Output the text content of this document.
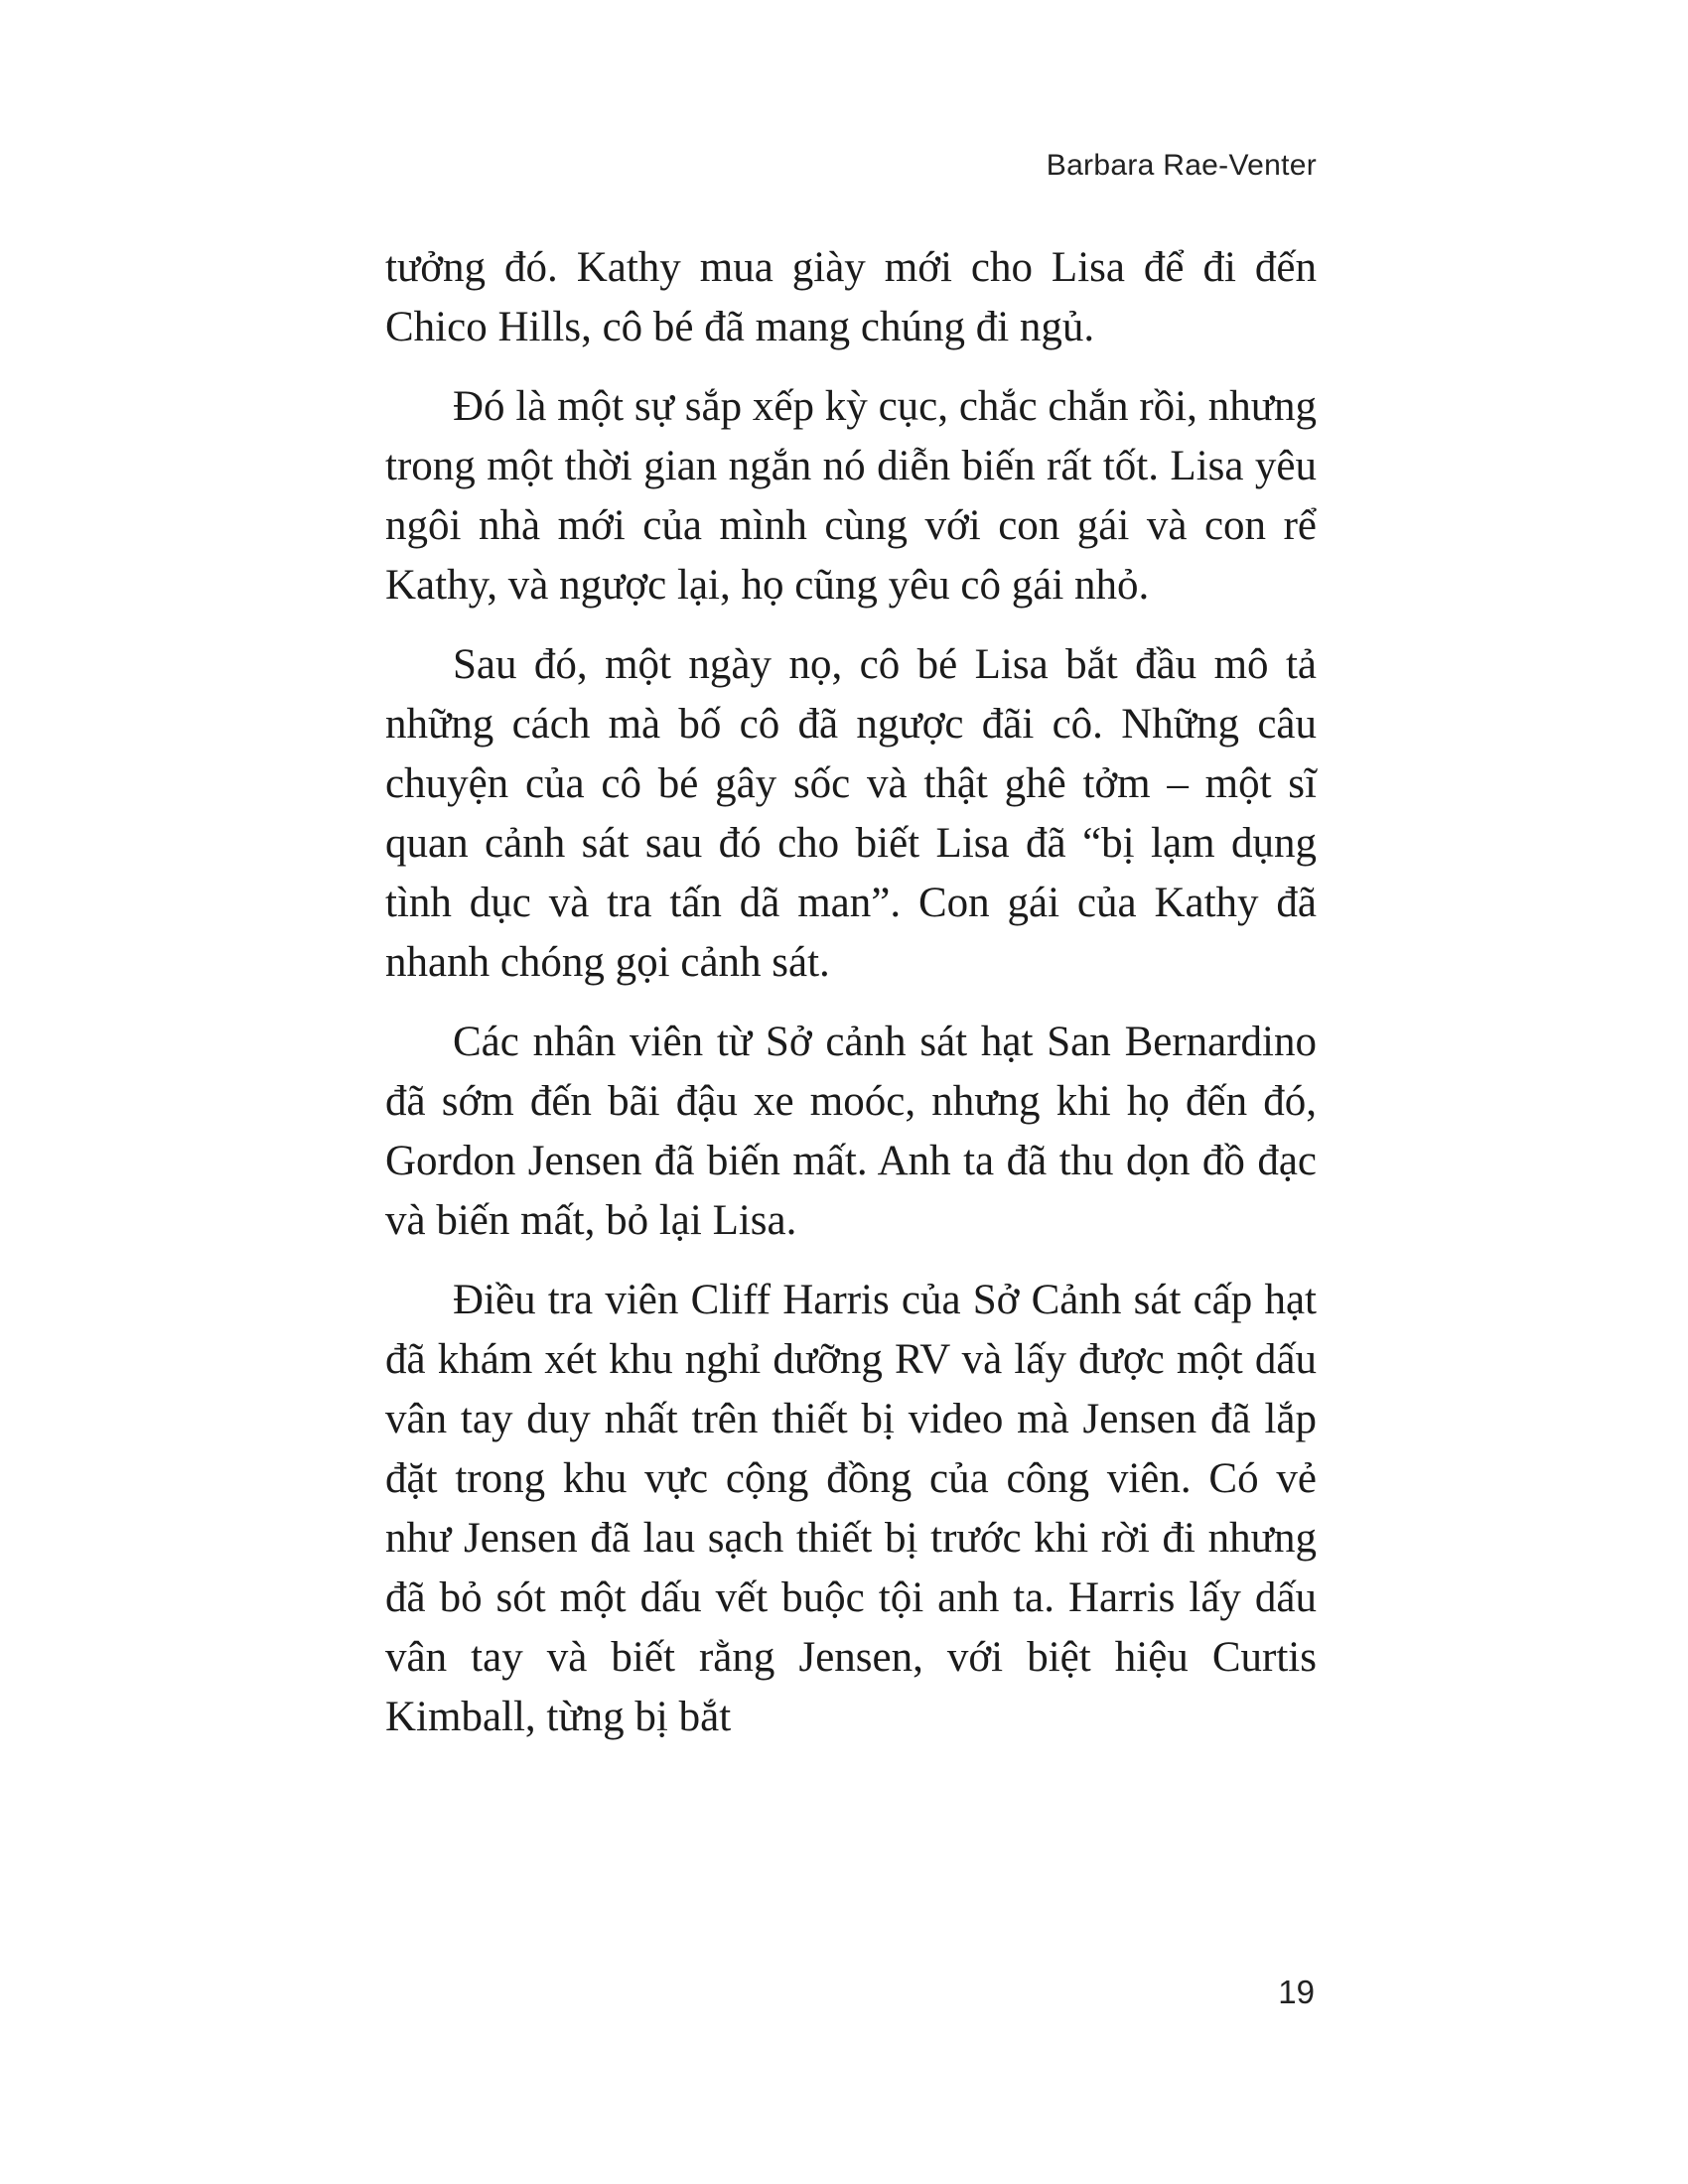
Barbara Rae-Venter

tưởng đó. Kathy mua giày mới cho Lisa để đi đến Chico Hills, cô bé đã mang chúng đi ngủ.

Đó là một sự sắp xếp kỳ cục, chắc chắn rồi, nhưng trong một thời gian ngắn nó diễn biến rất tốt. Lisa yêu ngôi nhà mới của mình cùng với con gái và con rể Kathy, và ngược lại, họ cũng yêu cô gái nhỏ.

Sau đó, một ngày nọ, cô bé Lisa bắt đầu mô tả những cách mà bố cô đã ngược đãi cô. Những câu chuyện của cô bé gây sốc và thật ghê tởm – một sĩ quan cảnh sát sau đó cho biết Lisa đã “bị lạm dụng tình dục và tra tấn dã man”. Con gái của Kathy đã nhanh chóng gọi cảnh sát.

Các nhân viên từ Sở cảnh sát hạt San Bernardino đã sớm đến bãi đậu xe moóc, nhưng khi họ đến đó, Gordon Jensen đã biến mất. Anh ta đã thu dọn đồ đạc và biến mất, bỏ lại Lisa.

Điều tra viên Cliff Harris của Sở Cảnh sát cấp hạt đã khám xét khu nghỉ dưỡng RV và lấy được một dấu vân tay duy nhất trên thiết bị video mà Jensen đã lắp đặt trong khu vực cộng đồng của công viên. Có vẻ như Jensen đã lau sạch thiết bị trước khi rời đi nhưng đã bỏ sót một dấu vết buộc tội anh ta. Harris lấy dấu vân tay và biết rằng Jensen, với biệt hiệu Curtis Kimball, từng bị bắt

19
